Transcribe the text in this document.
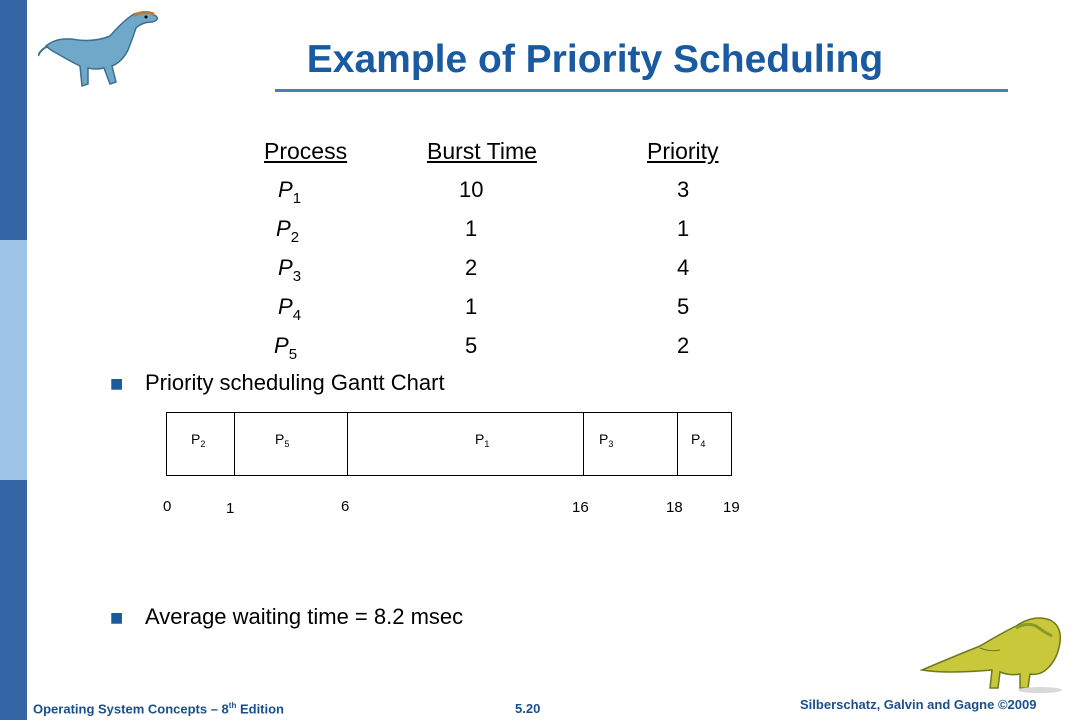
Example of Priority Scheduling
Process	Burst Time	Priority
$P_1$	10	3
$P_2$	1	1
$P_3$	2	4
$P_4$	1	5
$P_5$	5	2
■ Priority scheduling Gantt Chart
$P_2$	$P_5$	$P_1$	$P_3$	$P_4$
0	1	6	16	18	19
■ Average waiting time = 8.2 msec
Operating System Concepts – 8th Edition	5.20	Silberschatz, Galvin and Gagne ©2009
